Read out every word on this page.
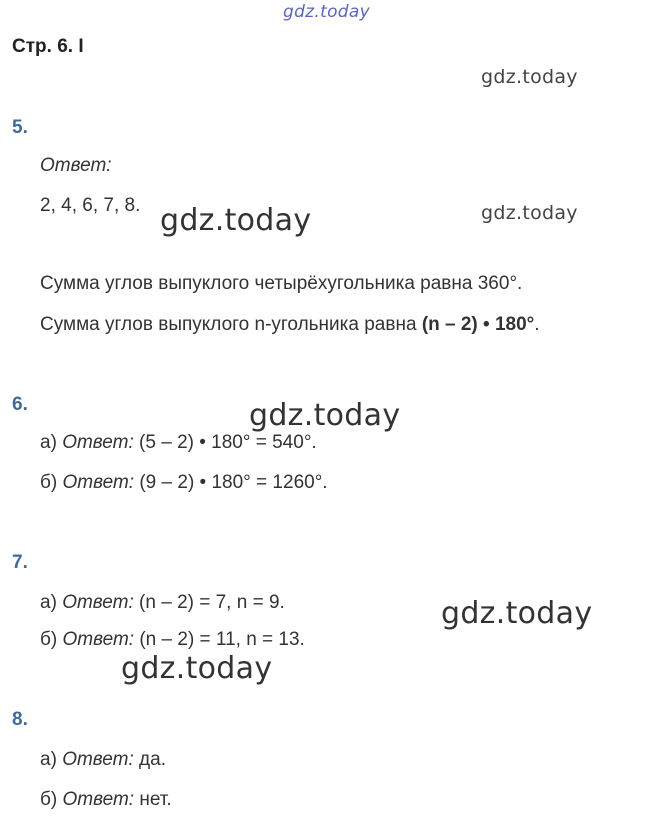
gdz.today
gdz.today
gdz.today	gdz.today
gdz.today
gdz.today
gdz.today
Стр. 6. I
5.
Ответ:
2, 4, 6, 7, 8.
Сумма углов выпуклого четырёхугольника равна 360°.
Сумма углов выпуклого n-угольника равна (n – 2) • 180°.
6.
а) Ответ: (5 – 2) • 180° = 540°.
б) Ответ: (9 – 2) • 180° = 1260°.
7.
а) Ответ: (n – 2) = 7, n = 9.
б) Ответ: (n – 2) = 11, n = 13.
8.
а) Ответ: да.
б) Ответ: нет.
